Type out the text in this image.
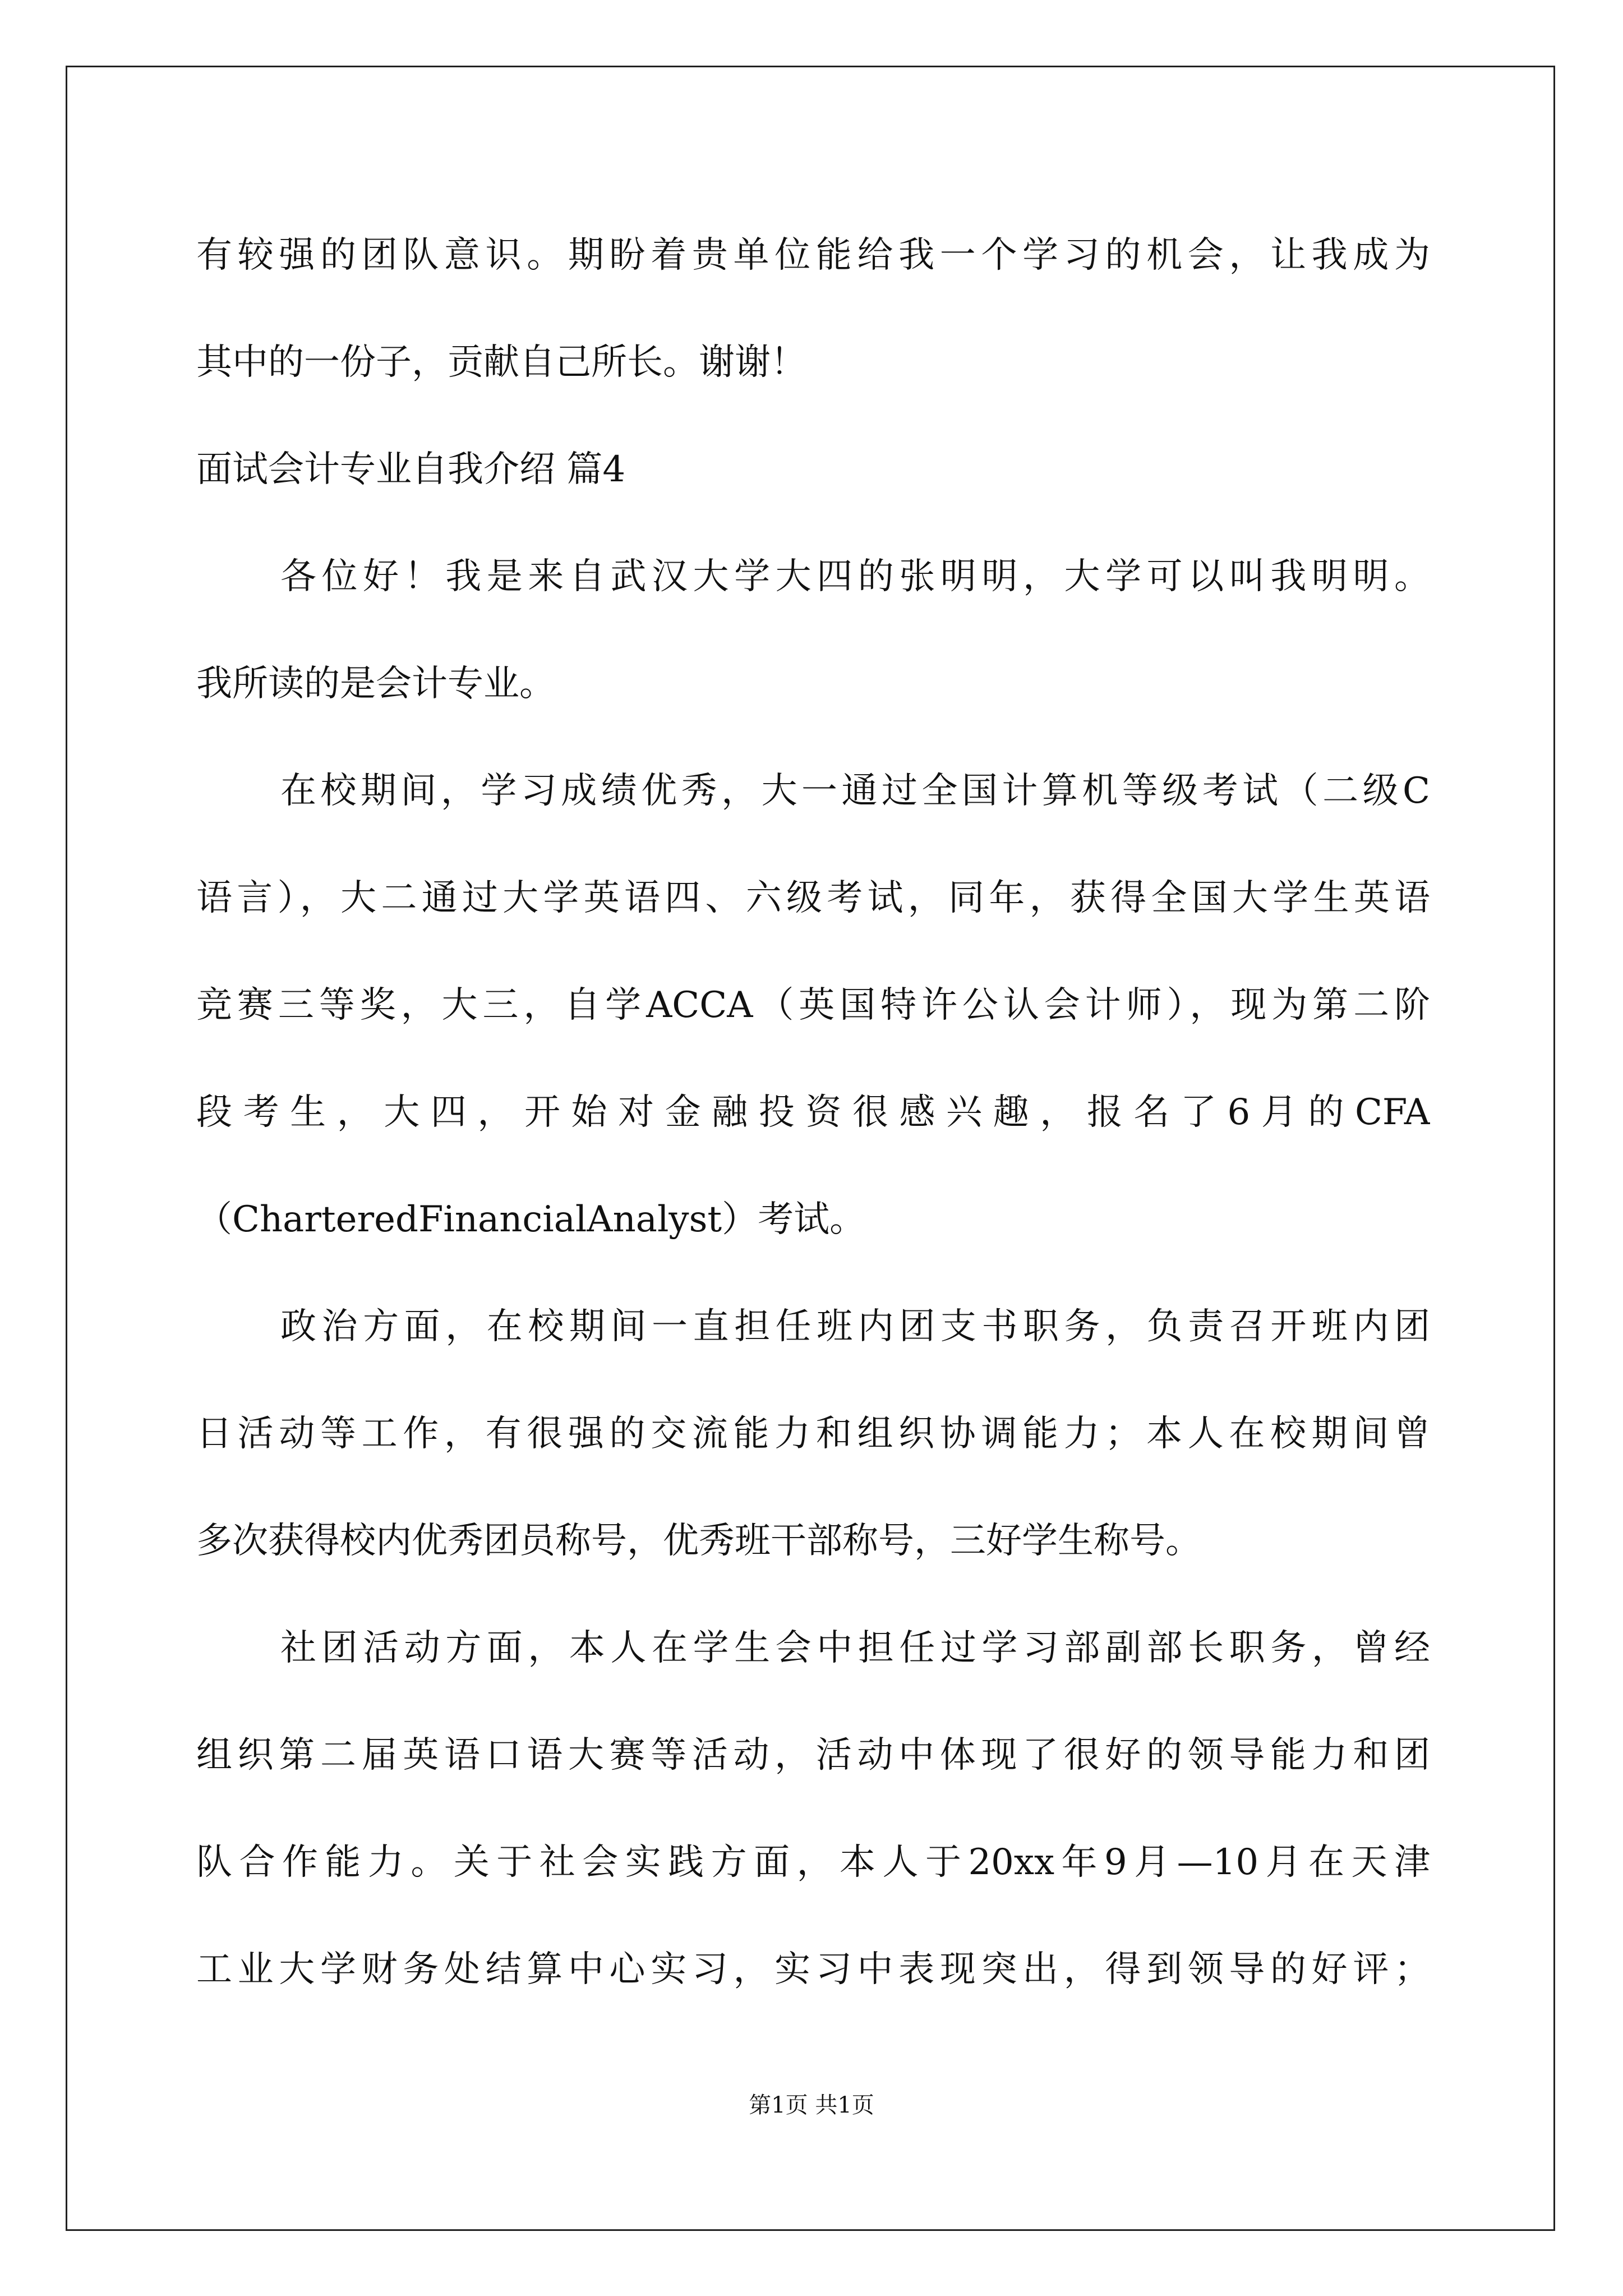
有较强的团队意识。期盼着贵单位能给我一个学习的机会，让我成为
其中的一份子，贡献自己所长。谢谢！
面试会计专业自我介绍 篇4
各位好！我是来自武汉大学大四的张明明，大学可以叫我明明。
我所读的是会计专业。
在校期间，学习成绩优秀，大一通过全国计算机等级考试（二级C
语言），大二通过大学英语四、六级考试，同年，获得全国大学生英语
竞赛三等奖，大三，自学ACCA（英国特许公认会计师），现为第二阶
段考生，大四，开始对金融投资很感兴趣，报名了6月的CFA
（CharteredFinancialAnalyst）考试。
政治方面，在校期间一直担任班内团支书职务，负责召开班内团
日活动等工作，有很强的交流能力和组织协调能力；本人在校期间曾
多次获得校内优秀团员称号，优秀班干部称号，三好学生称号。
社团活动方面，本人在学生会中担任过学习部副部长职务，曾经
组织第二届英语口语大赛等活动，活动中体现了很好的领导能力和团
队合作能力。关于社会实践方面，本人于20xx年9月—10月在天津
工业大学财务处结算中心实习，实习中表现突出，得到领导的好评；
第1页 共1页
